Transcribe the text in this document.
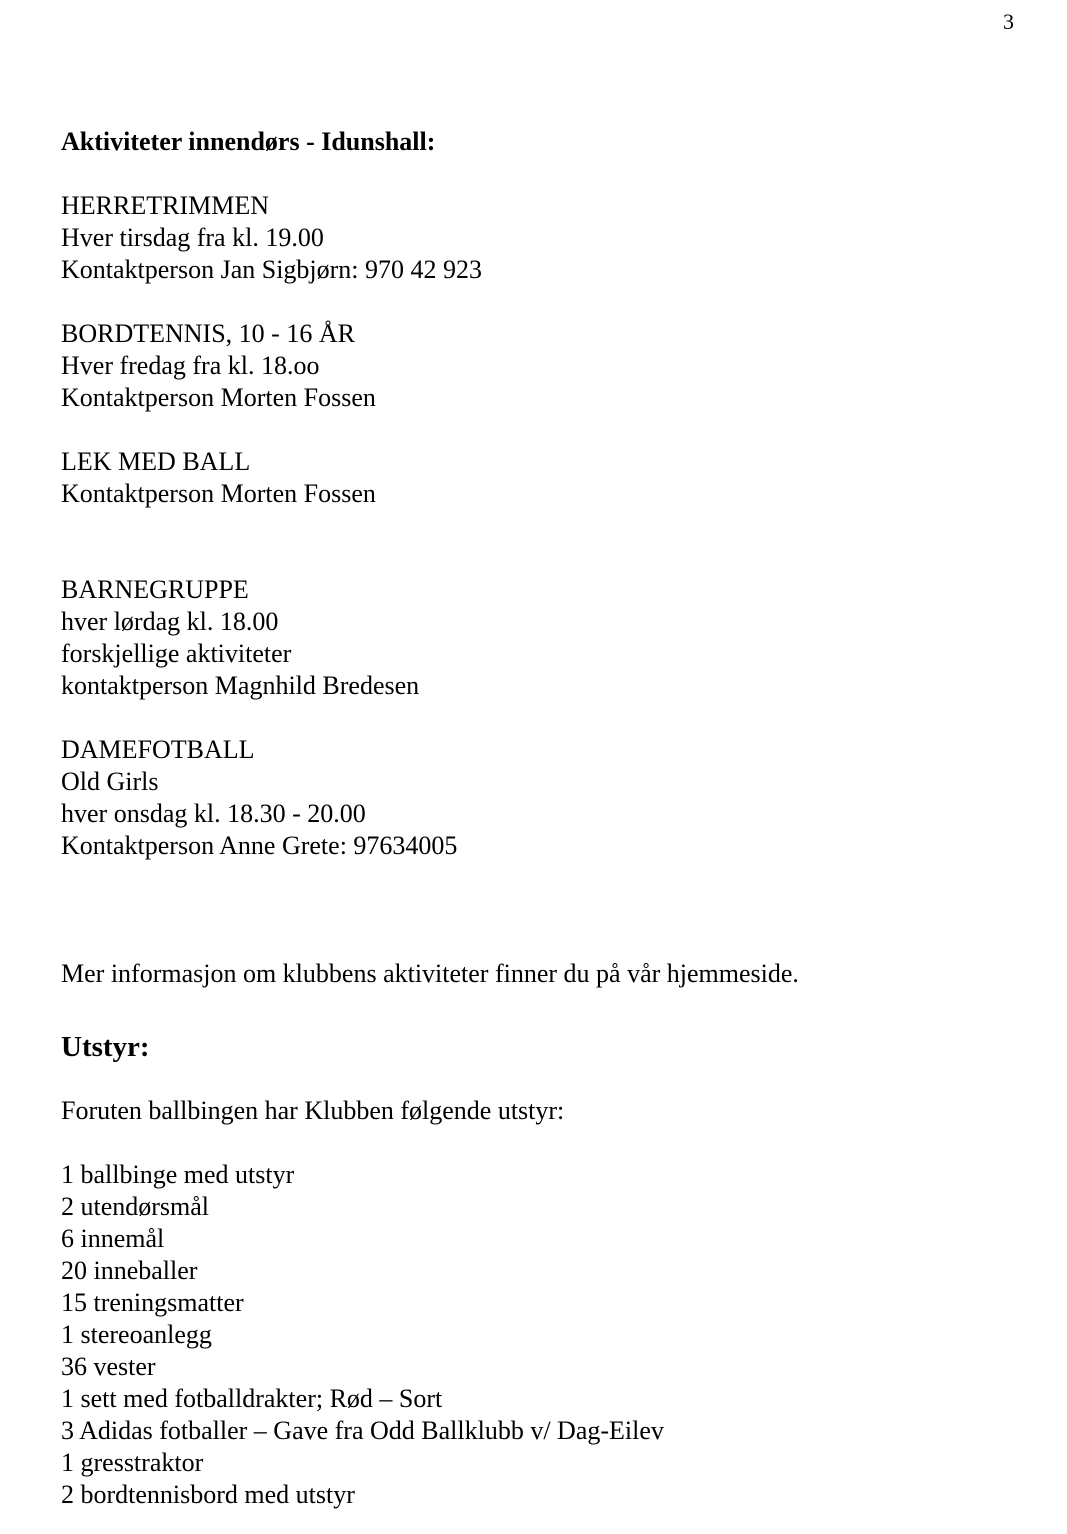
3
Aktiviteter innendørs - Idunshall:
HERRETRIMMEN
Hver tirsdag fra kl. 19.00
Kontaktperson Jan Sigbjørn: 970 42 923
BORDTENNIS, 10 - 16 ÅR
Hver fredag fra kl. 18.oo
Kontaktperson Morten Fossen
LEK MED BALL
Kontaktperson Morten Fossen
BARNEGRUPPE
hver lørdag kl. 18.00
forskjellige aktiviteter
kontaktperson Magnhild Bredesen
DAMEFOTBALL
Old Girls
hver onsdag kl. 18.30 - 20.00
Kontaktperson Anne Grete: 97634005
Mer informasjon om klubbens aktiviteter finner du på vår hjemmeside.
Utstyr:
Foruten ballbingen har Klubben følgende utstyr:
1 ballbinge med utstyr
2 utendørsmål
6 innemål
20 inneballer
15 treningsmatter
1 stereoanlegg
36 vester
1 sett med fotballdrakter; Rød – Sort
3 Adidas fotballer – Gave fra Odd Ballklubb v/ Dag-Eilev
1 gresstraktor
2 bordtennisbord med utstyr
